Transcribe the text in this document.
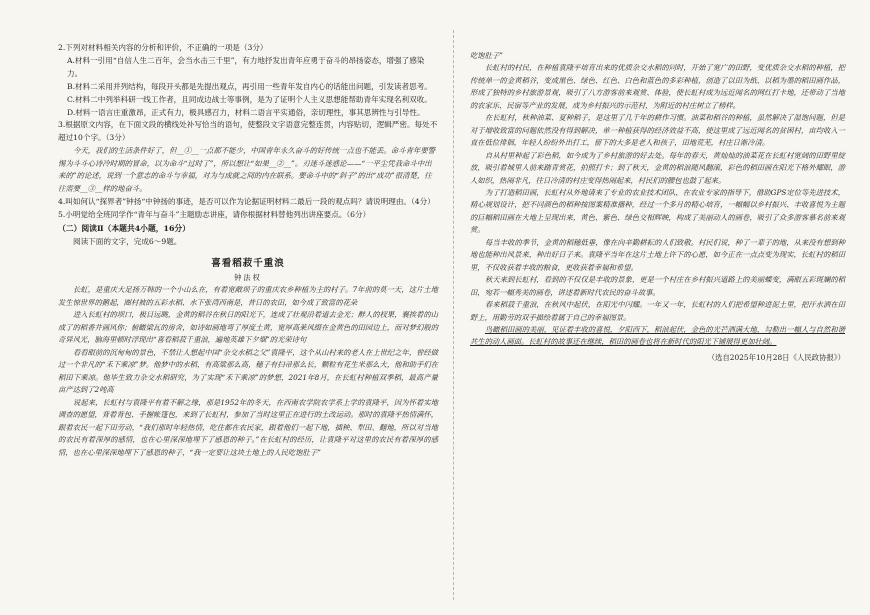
2.下列对材料相关内容的分析和评价，不正确的一项是（3分）

A.材料一引用“自信人生二百年，会当水击三千里”，有力地抒发出青年应勇于奋斗的昂扬姿态，增强了感染力。

B.材料二采用并列结构，每段开头都是先提出观点，再引用一些青年发自内心的话能出问题，引发读者思考。

C.材料二中列举科研一线工作者，且同成边战士等事例，是为了证明个人主义思想能帮助青年实现名利双收。

D.材料一语言庄重激昂，正式有力，极具感召力，材料二语言平实通俗，亲切理性，事其思辨性与引导性。

3.根据原文内容，在下面文段的横线处补写恰当的语句，使整段文字语意完整连贯，内容贴切，逻辑严密。每处不超过10个字。（3分）

今天，我们的生活条件好了，但__①__一点都不能少，中国青年永久奋斗的好传统一点也不能丢。命斗青年要警惕为斗斗心诗冷时期的冒命，以为命斗“过时了”，所以想让“如果__②__”。刃迷斗迷惑论——“一平尘凭我命斗中出来的”的论述，说到一个意志的命斗与幸福，对为与成就之间的内在联系。要命斗中的“斜子”的出“成功”很清楚，往往需要__③__样的地奋斗。

4.叫如何认“探界者”钟扬“中钟扬的事迹，是否可以作为论据证明材料二最后一段的观点吗？请说明理由。（4分）

5.小明觉给全班同学作“青年与奋斗”主题励志讲座，请你根据材料替他列出讲座要点。（6分）

（二）阅读Ⅱ（本题共4小题，16分）

阅读下面的文字，完成6～9题。

喜看稻菽千重浪

钟法权

长虹，是重庆大足扬万韩的一个小山么在，有着宽敞坝子的重庆农乡种植为主的村子。7年前的莫一天，这片土地发生惊世界的鹅起，圈村被的五彩水稻、水下张湾西南是，昔日的农田，如今成了致富的花朵

进入长虹村的坝口，极目远眺，金黄的稻谷在秋日的阳光下，连成了壮观沿着道去金光；醉人的杈果，襄挨着的山成了的稻香井画风你；俯瞰梁瓦的房舍，如诗如画地弯了厚度土黄，宽厚高莱风缀在金黄色的田园边上，而对梦幻般的奇异风光，脑海里顿时浮现出“喜看稻菽千重浪，遍地英雄下夕烟”的光荣诗句

看看眼前的沉甸甸的景色，不禁让人想起中国“杂交水稻之父”袁隆平，这个从山村来的老人在上世纪之年，曾经做过一个非凡的“禾下乘凉”梦。他梦中的水稻，有高粱那么高，穗子有扫帚那么长，颗粒有花生米那么大，他和助手们在稻田下乘凉。他毕生致力杂交水稻研究，为了实现“禾下乘凉”的梦想，2021年8月，在长虹村种植双季稻，最高产量亩产达到了2吨高

说起来，长虹村与袁隆平有着不解之缘，那是1952年的冬天，在西南农学院农学系上学的袁隆平，因为怀着实地调查的愿望，背着背包、手握帐篷包，来到了长虹村，参加了当时这里正在进行的土改运动。那时的袁隆平热情满怀，跟着农民一起下田劳动，“我们那时年轻热情，吃住都在农民家，跟着他们一起下地，插秧、犁田、翻地，所以对当地的农民有着深厚的感情，也在心里深深地埋下了感恩的种子。”在长虹村的经历，让袁隆平对这里的农民有着深厚的感情，也在心里深深地埋下了感恩的种子，“我一定要让这块土地上的人民吃饱肚子”

吃饱肚子”

长虹村的村民，在种植袁隆平培育出来的优质杂交水稻的同时，开始了宽广的田野，变优质杂交水稻的种植，把传统单一的金黄稻谷，变成黑色、绿色、红色、白色和蓝色的多彩种植，创造了以田为纸、以稻为墨的稻田画作品，形成了独特的乡村旅游景观，吸引了八方游客前来观赏、体验，使长虹村成为远近闻名的网红打卡地，还带动了当地的农家乐、民宿等产业的发展，成为乡村振兴的示范村，为附近的村庄树立了榜样。

在长虹村，秋种油菜、夏种稻子，是这里了几千年的耕作习惯。油菜和稻谷的种植，虽然解决了温饱问题，但是对于增收致富的问题依然没有得到解决，单一种植获得的经济效益不高，使这里成了远近闻名的贫困村，亩均收入一直在低位徘徊，年轻人纷纷外出打工，留下的大多是老人和孩子，田地荒芜，村庄日渐冷清。

自从村里种起了彩色稻，如今成为了乡村旅游的好去处。每年的春天，黄灿灿的油菜花在长虹村宽阔的田野里绽放，吸引着城里人前来踏青赏花，拍照打卡；到了秋天，金黄的稻浪随风翻滚，彩色的稻田画在阳光下格外耀眼，游人如织，热闹非凡，往日冷清的村庄变得热闹起来，村民们的腰包也鼓了起来。

为了打造稻田画，长虹村从外地请来了专业的农业技术团队，在农业专家的指导下，借助GPS定位等先进技术，精心规划设计，把不同颜色的稻种按图案精准播种，经过一个多月的精心培育，一幅幅以乡村振兴、丰收喜悦为主题的巨幅稻田画在大地上呈现出来，黄色、紫色、绿色交相辉映，构成了美丽动人的画卷，吸引了众多游客慕名前来观赏。

每当丰收的季节，金黄的稻穗低垂，像在向辛勤耕耘的人们致敬。村民们说，种了一辈子的地，从来没有想到种地也能种出风景来，种出好日子来。袁隆平当年在这片土地上许下的心愿，如今正在一点点变为现实，长虹村的稻田里，不仅收获着丰收的粮食，更收获着幸福和希望。

秋天来到长虹村，看到的不仅仅是丰收的景象，更是一个村庄在乡村振兴道路上的美丽蝶变，满眼五彩斑斓的稻田，宛若一幅秀美的画卷，讲述着新时代农民的奋斗故事。

春来稻菽千重浪，在秋风中起伏，在阳光中闪耀。一年又一年，长虹村的人们把希望种进泥土里，把汗水洒在田野上，用勤劳的双手描绘着属于自己的幸福图景。

鸟瞰稻田画的美丽，见证着丰收的喜悦，夕阳西下，稻浪起伏，金色的光芒洒满大地，勾勒出一幅人与自然和谐共生的动人画面。长虹村的故事还在继续，稻田的画卷也将在新时代的阳光下铺展得更加壮阔。

（选自2025年10月28日《人民政协报》）
